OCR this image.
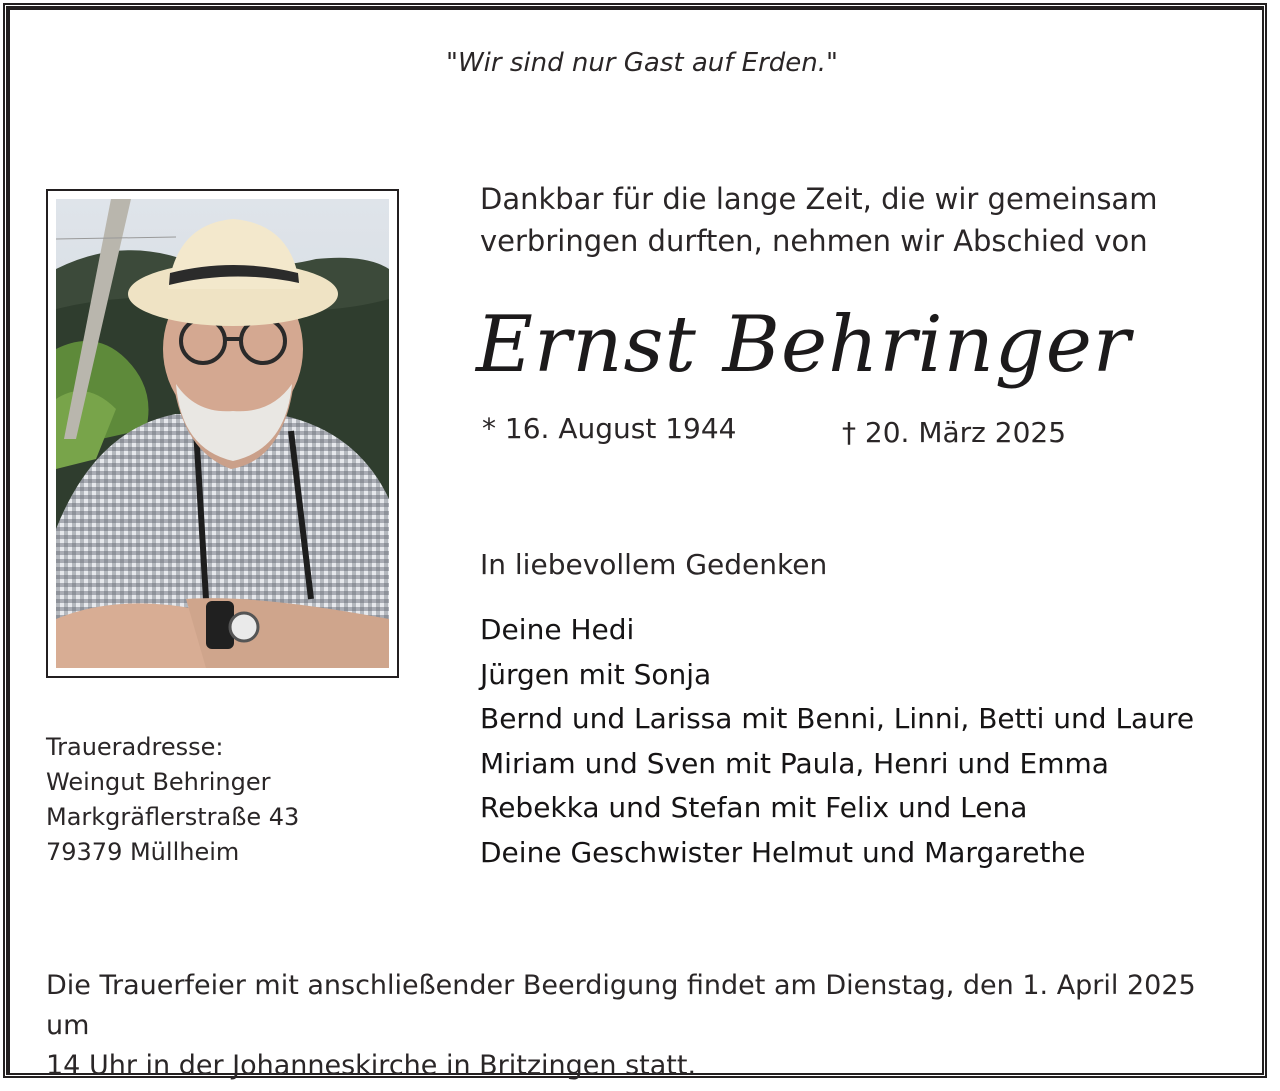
"Wir sind nur Gast auf Erden."
Dankbar für die lange Zeit, die wir gemeinsam
verbringen durften, nehmen wir Abschied von
Ernst Behringer
* 16. August 1944	† 20. März 2025
In liebevollem Gedenken
Deine Hedi
Jürgen mit Sonja
Bernd und Larissa mit Benni, Linni, Betti und Laure
Miriam und Sven mit Paula, Henri und Emma
Rebekka und Stefan mit Felix und Lena
Deine Geschwister Helmut und Margarethe
Traueradresse:
Weingut Behringer
Markgräflerstraße 43
79379 Müllheim
Die Trauerfeier mit anschließender Beerdigung findet am Dienstag, den 1. April 2025 um
14 Uhr in der Johanneskirche in Britzingen statt.
